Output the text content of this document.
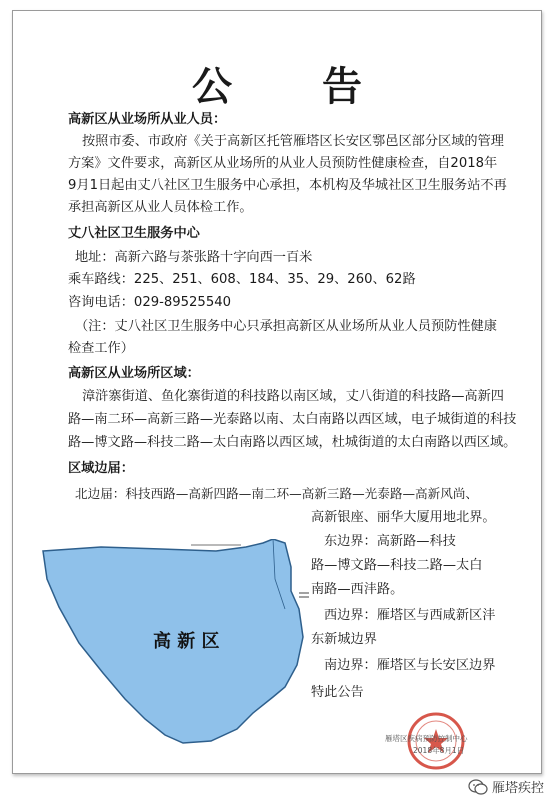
公 告

高新区从业场所从业人员：

按照市委、市政府《关于高新区托管雁塔区长安区鄠邑区部分区域的管理

方案》文件要求，高新区从业场所的从业人员预防性健康检查，自2018年

9月1日起由丈八社区卫生服务中心承担，本机构及华城社区卫生服务站不再

承担高新区从业人员体检工作。

丈八社区卫生服务中心

地址：高新六路与茶张路十字向西一百米

乘车路线：225、251、608、184、35、29、260、62路

咨询电话：029-89525540

（注：丈八社区卫生服务中心只承担高新区从业场所从业人员预防性健康

检查工作）

高新区从业场所区域：

漳浒寨街道、鱼化寨街道的科技路以南区域，丈八街道的科技路—高新四

路—南二环—高新三路—光泰路以南、太白南路以西区域，电子城街道的科技

路—博文路—科技二路—太白南路以西区域，杜城街道的太白南路以西区域。

区域边届：

北边届：科技西路—高新四路—南二环—高新三路—光泰路—高新风尚、

高新银座、丽华大厦用地北界。

东边界：高新路—科技

路—博文路—科技二路—太白

南路—西沣路。

西边界：雁塔区与西咸新区沣

东新城边界

南边界：雁塔区与长安区边界

特此公告

高 新 区
雁塔区疾病预防控制中心
2018年8月1日
雁塔疾控
